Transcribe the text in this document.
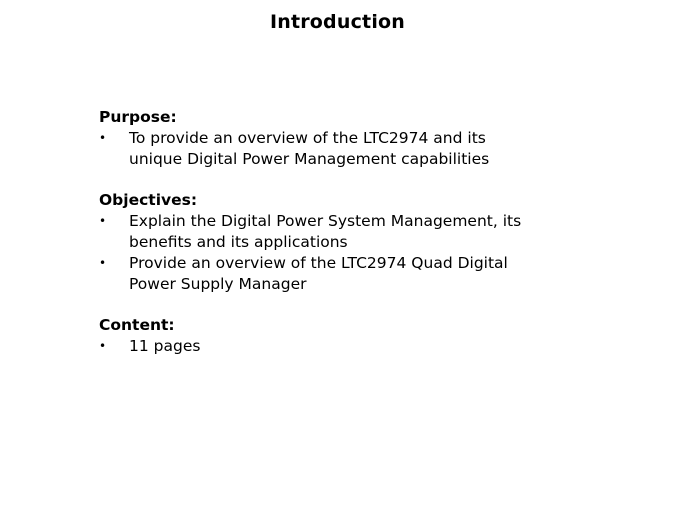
Introduction
Purpose:
• To provide an overview of the LTC2974 and its
unique Digital Power Management capabilities
Objectives:
• Explain the Digital Power System Management, its
benefits and its applications
• Provide an overview of the LTC2974 Quad Digital
Power Supply Manager
Content:
• 11 pages
